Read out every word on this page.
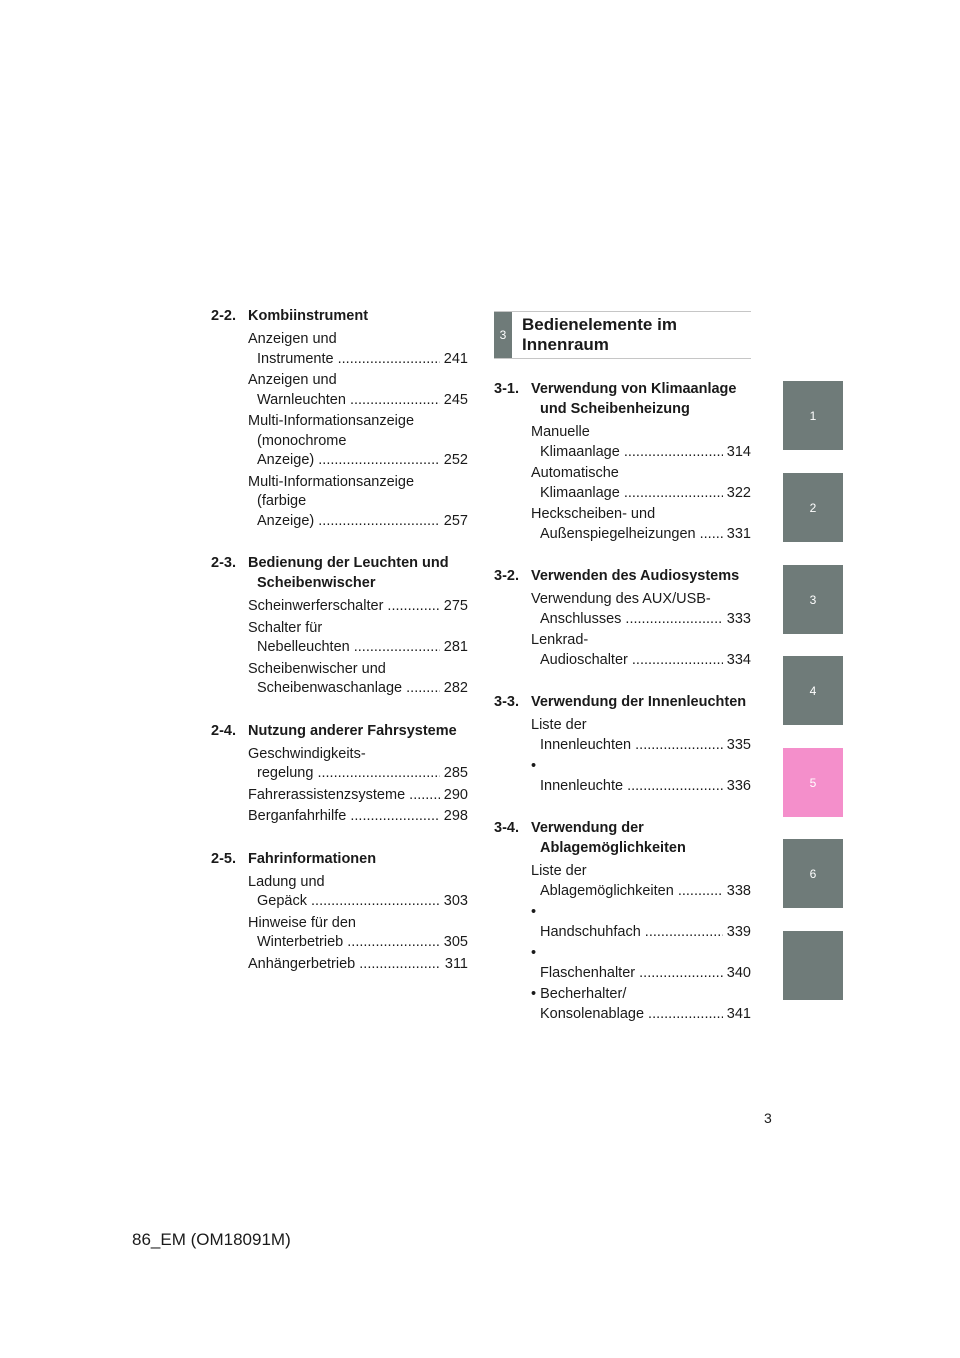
2-2. Kombiinstrument
Anzeigen und Instrumente .....	241
Anzeigen und Warnleuchten .....	245
Multi-Informationsanzeige (monochrome Anzeige) .....	252
Multi-Informationsanzeige (farbige Anzeige) .....	257
2-3. Bedienung der Leuchten und Scheibenwischer
Scheinwerferschalter .....	275
Schalter für Nebelleuchten .....	281
Scheibenwischer und Scheibenwaschanlage .....	282
2-4. Nutzung anderer Fahrsysteme
Geschwindigkeits-regelung .....	285
Fahrerassistenzsysteme .....	290
Berganfahrhilfe .....	298
2-5. Fahrinformationen
Ladung und Gepäck .....	303
Hinweise für den Winterbetrieb .....	305
Anhängerbetrieb .....	311
3
Bedienelemente im Innenraum
3-1. Verwendung von Klimaanlage und Scheibenheizung
Manuelle Klimaanlage .....	314
Automatische Klimaanlage .....	322
Heckscheiben- und Außenspiegelheizungen .....	331
3-2. Verwenden des Audiosystems
Verwendung des AUX/USB-Anschlusses .....	333
Lenkrad-Audioschalter .....	334
3-3. Verwendung der Innenleuchten
Liste der Innenleuchten .....	335
• Innenleuchte .....	336
3-4. Verwendung der Ablagemöglichkeiten
Liste der Ablagemöglichkeiten .....	338
• Handschuhfach .....	339
• Flaschenhalter .....	340
• Becherhalter/ Konsolenablage .....	341
1
2
3
4
5
6
3
86_EM (OM18091M)
